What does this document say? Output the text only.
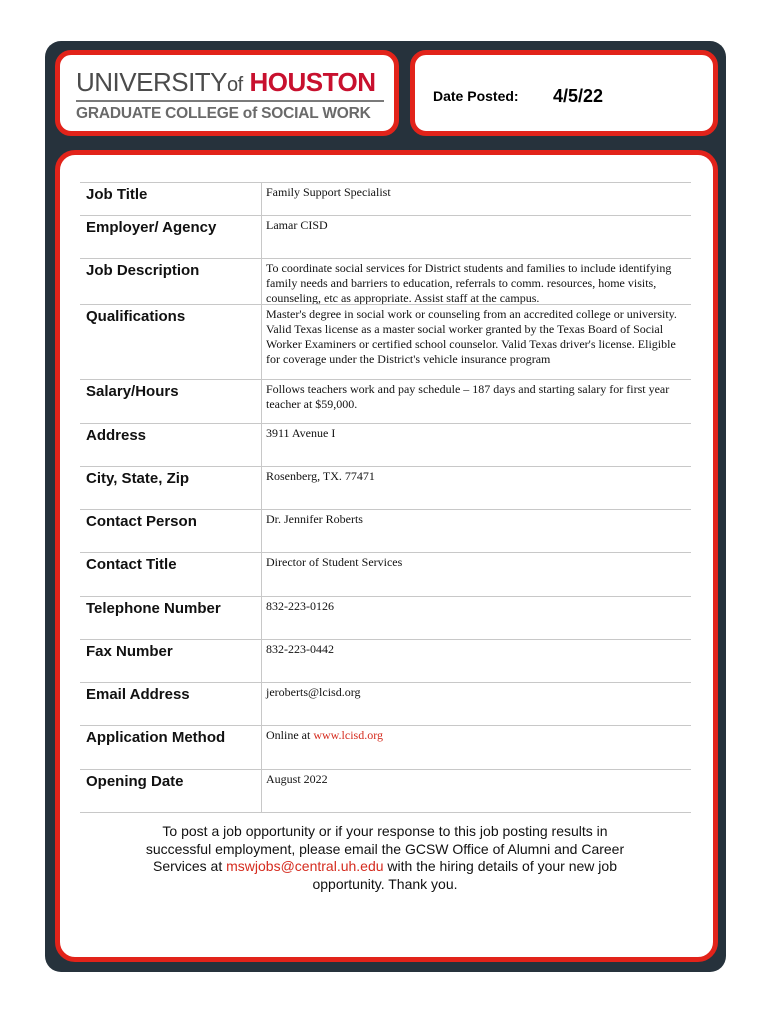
UNIVERSITYof HOUSTON
GRADUATE COLLEGE of SOCIAL WORK
Date Posted: 4/5/22
Job Title	Family Support Specialist
Employer/ Agency	Lamar CISD
Job Description	To coordinate social services for District students and families to include identifying family needs and barriers to education, referrals to comm. resources, home visits, counseling, etc as appropriate. Assist staff at the campus.
Qualifications	Master's degree in social work or counseling from an accredited college or university. Valid Texas license as a master social worker granted by the Texas Board of Social Worker Examiners or certified school counselor. Valid Texas driver's license. Eligible for coverage under the District's vehicle insurance program
Salary/Hours	Follows teachers work and pay schedule – 187 days and starting salary for first year teacher at $59,000.
Address	3911 Avenue I
City, State, Zip	Rosenberg, TX. 77471
Contact Person	Dr. Jennifer Roberts
Contact Title	Director of Student Services
Telephone Number	832-223-0126
Fax Number	832-223-0442
Email Address	jeroberts@lcisd.org
Application Method	Online at www.lcisd.org
Opening Date	August 2022
To post a job opportunity or if your response to this job posting results in successful employment, please email the GCSW Office of Alumni and Career Services at mswjobs@central.uh.edu with the hiring details of your new job opportunity. Thank you.
